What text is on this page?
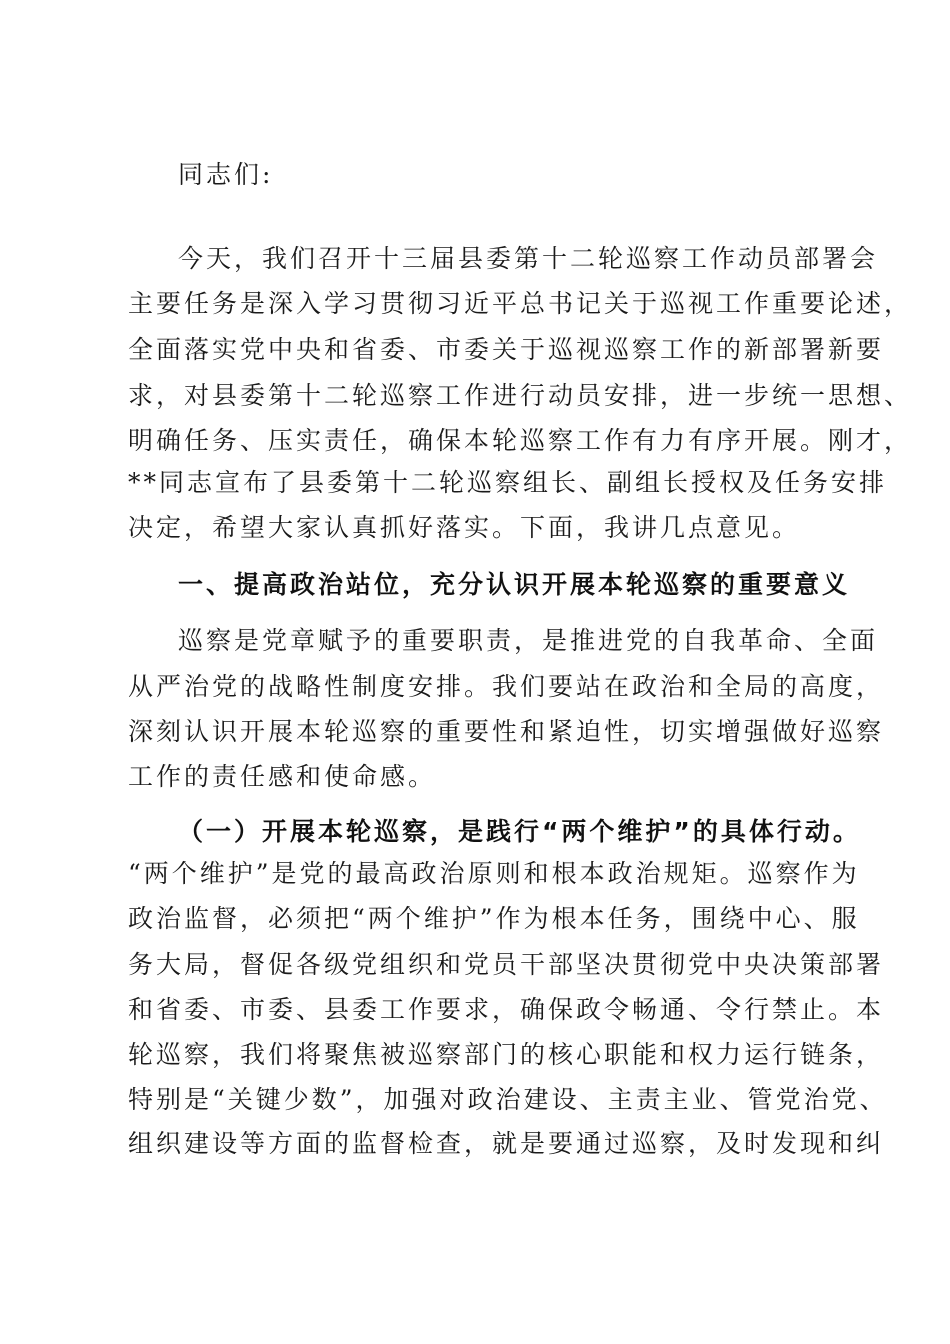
同志们:
今天，我们召开十三届县委第十二轮巡察工作动员部署会
主要任务是深入学习贯彻习近平总书记关于巡视工作重要论述，
全面落实党中央和省委、市委关于巡视巡察工作的新部署新要
求，对县委第十二轮巡察工作进行动员安排，进一步统一思想、
明确任务、压实责任，确保本轮巡察工作有力有序开展。刚才，
**同志宣布了县委第十二轮巡察组长、副组长授权及任务安排
决定，希望大家认真抓好落实。下面，我讲几点意见。
一、提高政治站位，充分认识开展本轮巡察的重要意义
巡察是党章赋予的重要职责，是推进党的自我革命、全面
从严治党的战略性制度安排。我们要站在政治和全局的高度，
深刻认识开展本轮巡察的重要性和紧迫性，切实增强做好巡察
工作的责任感和使命感。
（一）开展本轮巡察，是践行“两个维护”的具体行动。
“两个维护”是党的最高政治原则和根本政治规矩。巡察作为
政治监督，必须把“两个维护”作为根本任务，围绕中心、服
务大局，督促各级党组织和党员干部坚决贯彻党中央决策部署
和省委、市委、县委工作要求，确保政令畅通、令行禁止。本
轮巡察，我们将聚焦被巡察部门的核心职能和权力运行链条，
特别是“关键少数”，加强对政治建设、主责主业、管党治党、
组织建设等方面的监督检查，就是要通过巡察，及时发现和纠
